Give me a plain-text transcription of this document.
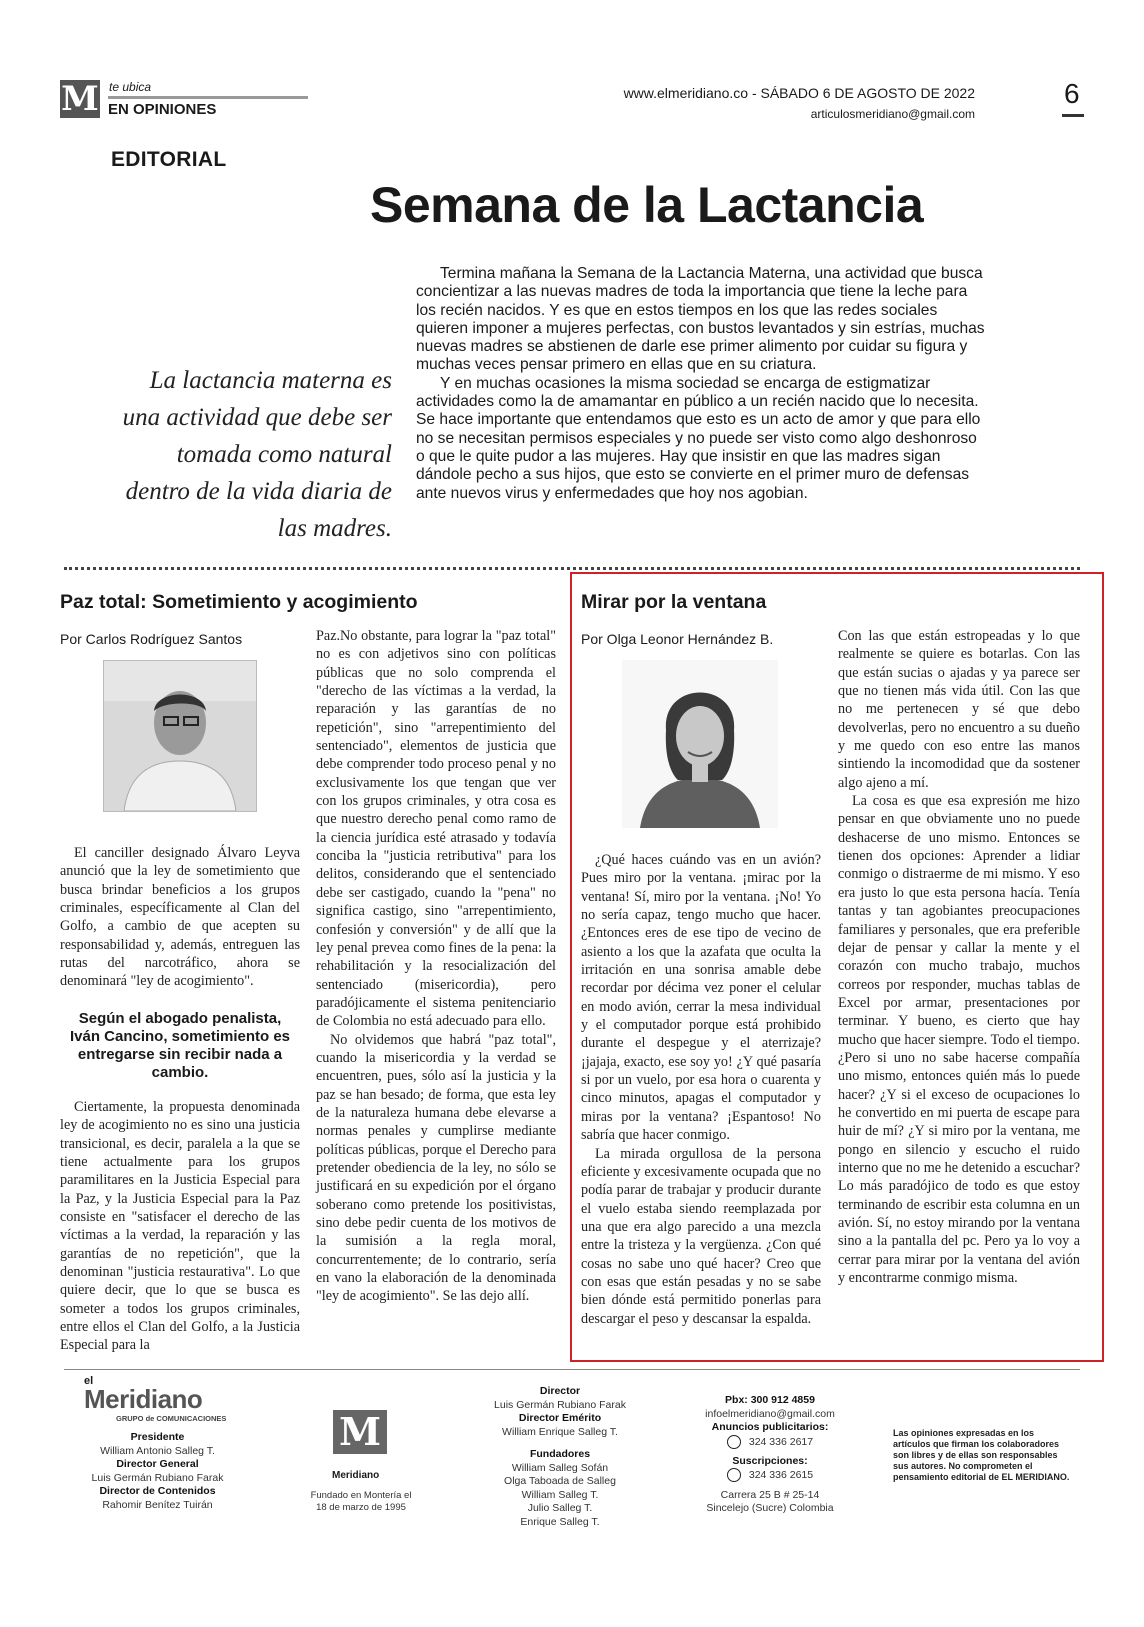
M te ubica
EN OPINIONES
www.elmeridiano.co - SÁBADO 6 DE AGOSTO DE 2022
articulosmeridiano@gmail.com
6
EDITORIAL
Semana de la Lactancia

Termina mañana la Semana de la Lactancia Materna, una actividad que busca concientizar a las nuevas madres de toda la importancia que tiene la leche para los recién nacidos. Y es que en estos tiempos en los que las redes sociales quieren imponer a mujeres perfectas, con bustos levantados y sin estrías, muchas nuevas madres se abstienen de darle ese primer alimento por cuidar su figura y muchas veces pensar primero en ellas que en su criatura.

Y en muchas ocasiones la misma sociedad se encarga de estigmatizar actividades como la de amamantar en público a un recién nacido que lo necesita. Se hace importante que entendamos que esto es un acto de amor y que para ello no se necesitan permisos especiales y no puede ser visto como algo deshonroso o que le quite pudor a las mujeres. Hay que insistir en que las madres sigan dándole pecho a sus hijos, que esto se convierte en el primer muro de defensas ante nuevos virus y enfermedades que hoy nos agobian.

La lactancia materna es una actividad que debe ser tomada como natural dentro de la vida diaria de las madres.
Paz total: Sometimiento y acogimiento
Por Carlos Rodríguez Santos

El canciller designado Álvaro Leyva anunció que la ley de sometimiento que busca brindar beneficios a los grupos criminales, específicamente al Clan del Golfo, a cambio de que acepten su responsabilidad y, además, entreguen las rutas del narcotráfico, ahora se denominará "ley de acogimiento".

Según el abogado penalista, Iván Cancino, sometimiento es entregarse sin recibir nada a cambio.

Ciertamente, la propuesta denominada ley de acogimiento no es sino una justicia transicional, es decir, paralela a la que se tiene actualmente para los grupos paramilitares en la Justicia Especial para la Paz, y la Justicia Especial para la Paz consiste en "satisfacer el derecho de las víctimas a la verdad, la reparación y las garantías de no repetición", que la denominan "justicia restaurativa". Lo que quiere decir, que lo que se busca es someter a todos los grupos criminales, entre ellos el Clan del Golfo, a la Justicia Especial para la

Paz.No obstante, para lograr la "paz total" no es con adjetivos sino con políticas públicas que no solo comprenda el "derecho de las víctimas a la verdad, la reparación y las garantías de no repetición", sino "arrepentimiento del sentenciado", elementos de justicia que debe comprender todo proceso penal y no exclusivamente los que tengan que ver con los grupos criminales, y otra cosa es que nuestro derecho penal como ramo de la ciencia jurídica esté atrasado y todavía conciba la "justicia retributiva" para los delitos, considerando que el sentenciado debe ser castigado, cuando la "pena" no significa castigo, sino "arrepentimiento, confesión y conversión" y de allí que la ley penal prevea como fines de la pena: la rehabilitación y la resocialización del sentenciado (misericordia), pero paradójicamente el sistema penitenciario de Colombia no está adecuado para ello.

No olvidemos que habrá "paz total", cuando la misericordia y la verdad se encuentren, pues, sólo así la justicia y la paz se han besado; de forma, que esta ley de la naturaleza humana debe elevarse a normas penales y cumplirse mediante políticas públicas, porque el Derecho para pretender obediencia de la ley, no sólo se justificará en su expedición por el órgano soberano como pretende los positivistas, sino debe pedir cuenta de los motivos de la sumisión a la regla moral, concurrentemente; de lo contrario, sería en vano la elaboración de la denominada "ley de acogimiento". Se las dejo allí.

Mirar por la ventana
Por Olga Leonor Hernández B.

¿Qué haces cuándo vas en un avión? Pues miro por la ventana. ¡mirас por la ventana! Sí, miro por la ventana. ¡No! Yo no sería capaz, tengo mucho que hacer. ¿Entonces eres de ese tipo de vecino de asiento a los que la azafata que oculta la irritación en una sonrisa amable debe recordar por décima vez poner el celular en modo avión, cerrar la mesa individual y el computador porque está prohibido durante el despegue y el aterrizaje? ¡jajaja, exacto, ese soy yo! ¿Y qué pasaría si por un vuelo, por esa hora o cuarenta y cinco minutos, apagas el computador y miras por la ventana? ¡Espantoso! No sabría que hacer conmigo.

La mirada orgullosa de la persona eficiente y excesivamente ocupada que no podía parar de trabajar y producir durante el vuelo estaba siendo reemplazada por una que era algo parecido a una mezcla entre la tristeza y la vergüenza. ¿Con qué cosas no sabe uno qué hacer? Creo que con esas que están pesadas y no se sabe bien dónde está permitido ponerlas para descargar el peso y descansar la espalda.

Con las que están estropeadas y lo que realmente se quiere es botarlas. Con las que están sucias o ajadas y ya parece ser que no tienen más vida útil. Con las que no me pertenecen y sé que debo devolverlas, pero no encuentro a su dueño y me quedo con eso entre las manos sintiendo la incomodidad que da sostener algo ajeno a mí.

La cosa es que esa expresión me hizo pensar en que obviamente uno no puede deshacerse de uno mismo. Entonces se tienen dos opciones: Aprender a lidiar conmigo o distraerme de mi mismo. Y eso era justo lo que esta persona hacía. Tenía tantas y tan agobiantes preocupaciones familiares y personales, que era preferible dejar de pensar y callar la mente y el corazón con mucho trabajo, muchos correos por responder, muchas tablas de Excel por armar, presentaciones por terminar. Y bueno, es cierto que hay mucho que hacer siempre. Todo el tiempo. ¿Pero si uno no sabe hacerse compañía uno mismo, entonces quién más lo puede hacer? ¿Y si el exceso de ocupaciones lo he convertido en mi puerta de escape para huir de mí? ¿Y si miro por la ventana, me pongo en silencio y escucho el ruido interno que no me he detenido a escuchar? Lo más paradójico de todo es que estoy terminando de escribir esta columna en un avión. Sí, no estoy mirando por la ventana sino a la pantalla del pc. Pero ya lo voy a cerrar para mirar por la ventana del avión y encontrarme conmigo misma.

el
Meridiano
GRUPO de COMUNICACIONES
Presidente
William Antonio Salleg T.
Director General
Luis Germán Rubiano Farak
Director de Contenidos
Rahomir Benítez Tuirán
M
Meridiano
Fundado en Montería el 18 de marzo de 1995
Director
Luis Germán Rubiano Farak
Director Emérito
William Enrique Salleg T.
Fundadores
William Salleg Sofán
Olga Taboada de Salleg
William Salleg T.
Julio Salleg T.
Enrique Salleg T.
Pbx: 300 912 4859
infoelmeridiano@gmail.com
Anuncios publicitarios:
324 336 2617
Suscripciones:
324 336 2615
Carrera 25 B # 25-14
Sincelejo (Sucre) Colombia
Las opiniones expresadas en los artículos que firman los colaboradores son libres y de ellas son responsables sus autores. No comprometen el pensamiento editorial de EL MERIDIANO.
